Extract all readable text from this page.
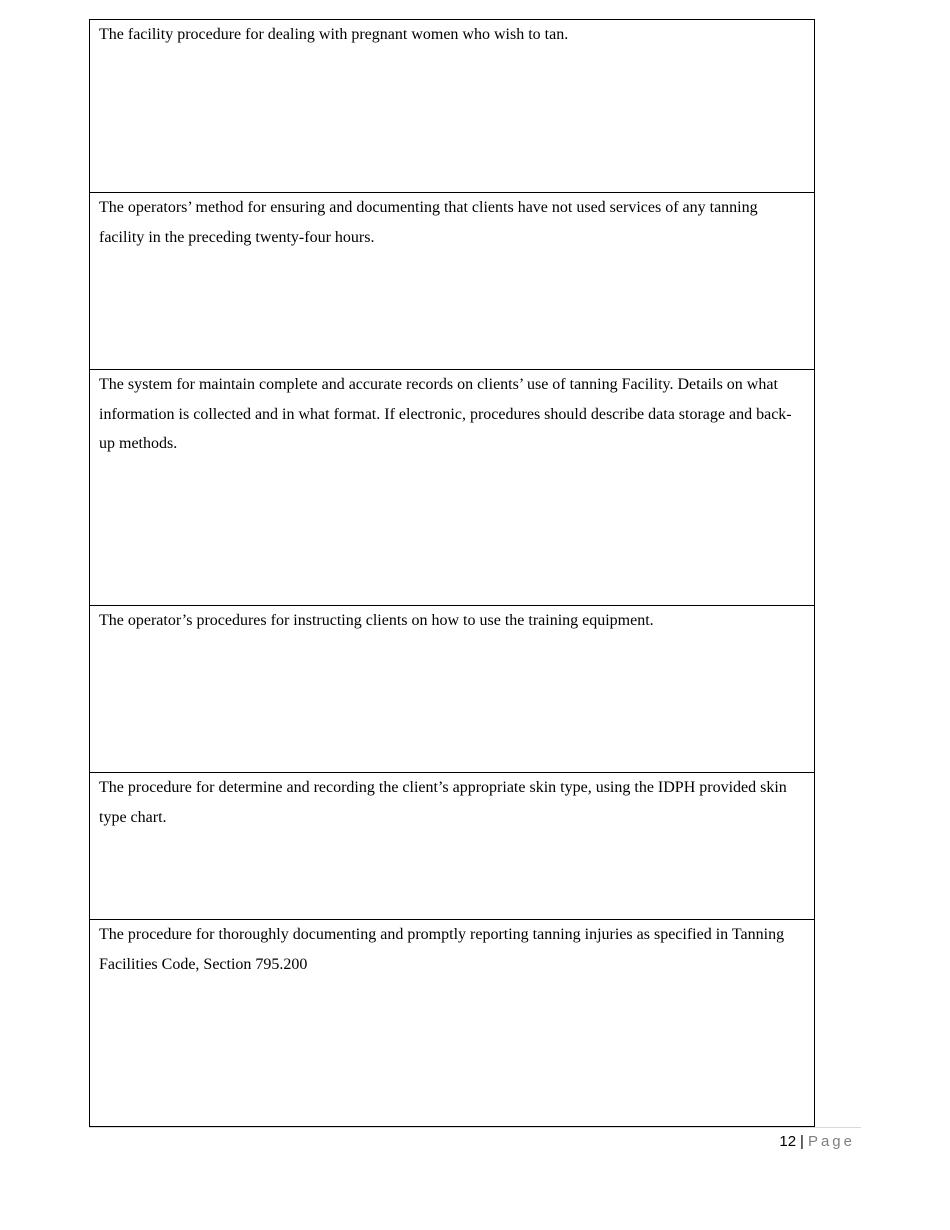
The facility procedure for dealing with pregnant women who wish to tan.

The operators’ method for ensuring and documenting that clients have not used services of any tanning facility in the preceding twenty-four hours.

The system for maintain complete and accurate records on clients’ use of tanning Facility. Details on what information is collected and in what format. If electronic, procedures should describe data storage and back-up methods.

The operator’s procedures for instructing clients on how to use the training equipment.

The procedure for determine and recording the client’s appropriate skin type, using the IDPH provided skin type chart.

The procedure for thoroughly documenting and promptly reporting tanning injuries as specified in Tanning Facilities Code, Section 795.200

12 | Page
